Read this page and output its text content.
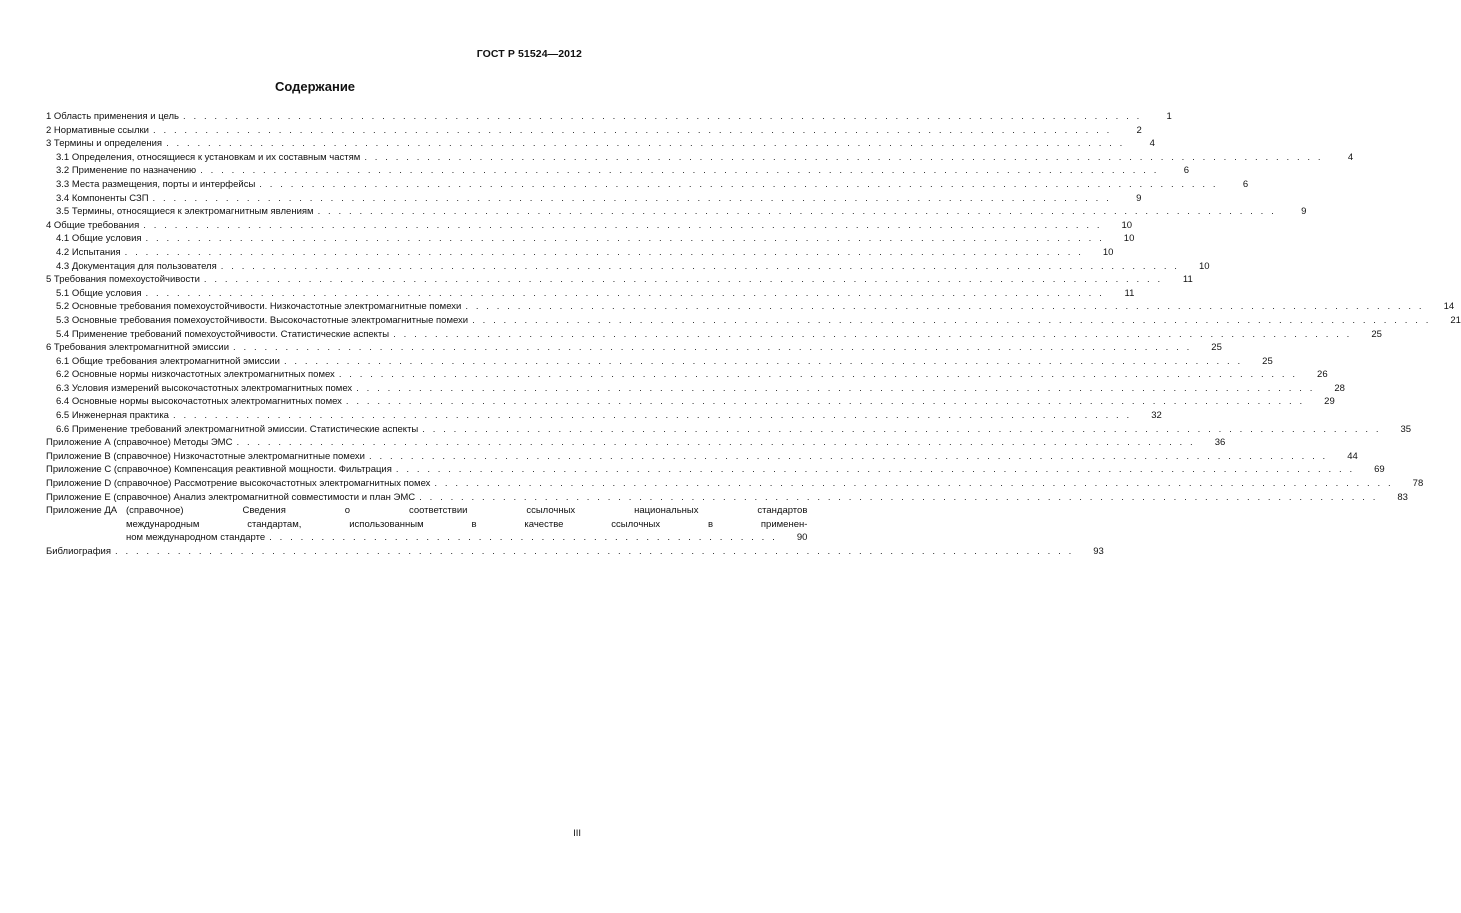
ГОСТ Р 51524—2012
Содержание
1 Область применения и цель . . .	1
2 Нормативные ссылки . . .	2
3 Термины и определения . . .	4
3.1 Определения, относящиеся к установкам и их составным частям . . .	4
3.2 Применение по назначению . . .	6
3.3 Места размещения, порты и интерфейсы . . .	6
3.4 Компоненты СЗП . . .	9
3.5 Термины, относящиеся к электромагнитным явлениям . . .	9
4 Общие требования . . .	10
4.1 Общие условия . . .	10
4.2 Испытания . . .	10
4.3 Документация для пользователя . . .	10
5 Требования помехоустойчивости . . .	11
5.1 Общие условия . . .	11
5.2 Основные требования помехоустойчивости. Низкочастотные электромагнитные помехи . . .	14
5.3 Основные требования помехоустойчивости. Высокочастотные электромагнитные помехи . . .	21
5.4 Применение требований помехоустойчивости. Статистические аспекты . . .	25
6 Требования электромагнитной эмиссии . . .	25
6.1 Общие требования электромагнитной эмиссии . . .	25
6.2 Основные нормы низкочастотных электромагнитных помех . . .	26
6.3 Условия измерений высокочастотных электромагнитных помех . . .	28
6.4 Основные нормы высокочастотных электромагнитных помех . . .	29
6.5 Инженерная практика . . .	32
6.6 Применение требований электромагнитной эмиссии. Статистические аспекты . . .	35
Приложение А (справочное) Методы ЭМС . . .	36
Приложение В (справочное) Низкочастотные электромагнитные помехи . . .	44
Приложение С (справочное) Компенсация реактивной мощности. Фильтрация . . .	69
Приложение D (справочное) Рассмотрение высокочастотных электромагнитных помех . . .	78
Приложение Е (справочное) Анализ электромагнитной совместимости и план ЭМС . . .	83
Приложение ДА (справочное) Сведения о соответствии ссылочных национальных стандартов
международным стандартам, использованным в качестве ссылочных в применен-
ном международном стандарте . . .	90
Библиография . . .	93
III
